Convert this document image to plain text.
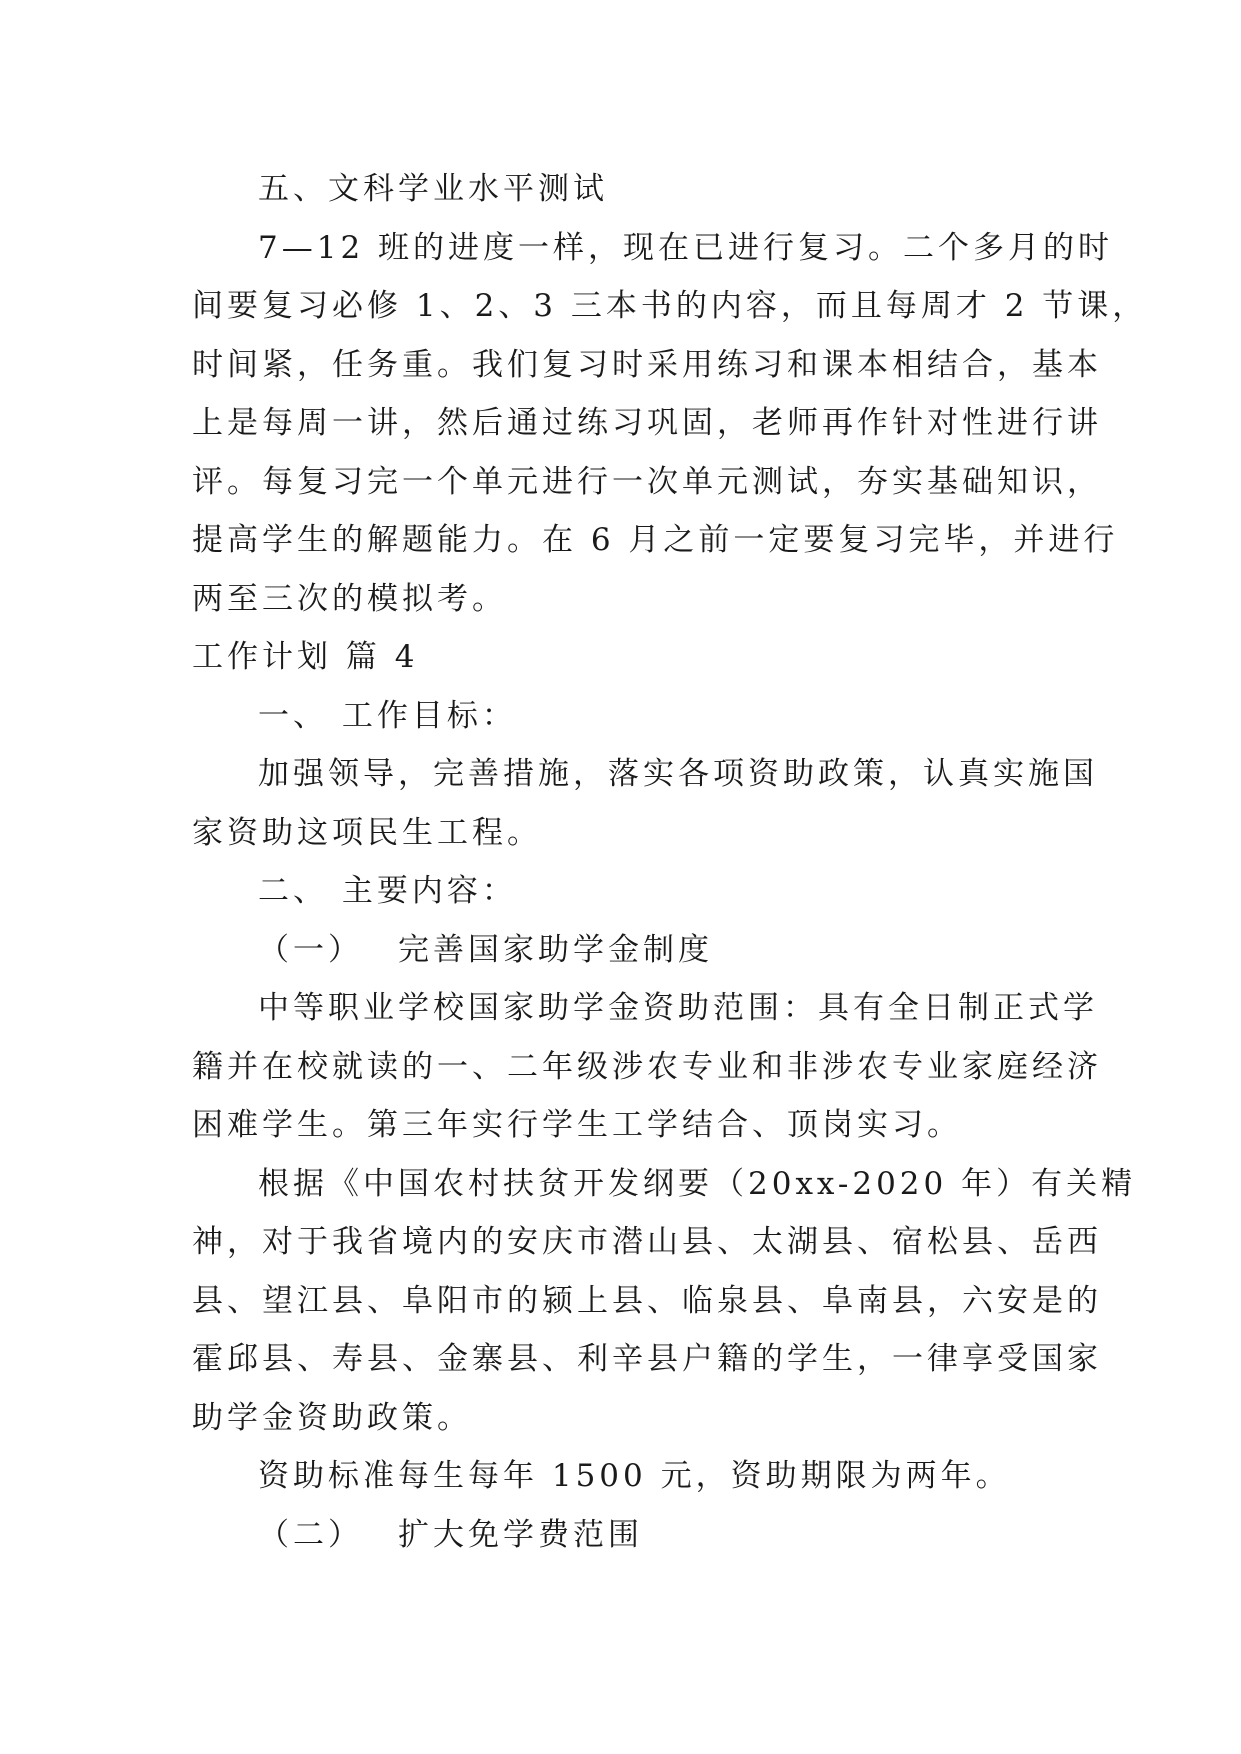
五、文科学业水平测试
7—12 班的进度一样，现在已进行复习。二个多月的时
间要复习必修 1、2、3 三本书的内容，而且每周才 2 节课，
时间紧，任务重。我们复习时采用练习和课本相结合，基本
上是每周一讲，然后通过练习巩固，老师再作针对性进行讲
评。每复习完一个单元进行一次单元测试，夯实基础知识，
提高学生的解题能力。在 6 月之前一定要复习完毕，并进行
两至三次的模拟考。
工作计划 篇 4
一、 工作目标：
加强领导，完善措施，落实各项资助政策，认真实施国
家资助这项民生工程。
二、 主要内容：
（一） 完善国家助学金制度
中等职业学校国家助学金资助范围：具有全日制正式学
籍并在校就读的一、二年级涉农专业和非涉农专业家庭经济
困难学生。第三年实行学生工学结合、顶岗实习。
根据《中国农村扶贫开发纲要（20xx-2020 年）有关精
神，对于我省境内的安庆市潜山县、太湖县、宿松县、岳西
县、望江县、阜阳市的颍上县、临泉县、阜南县，六安是的
霍邱县、寿县、金寨县、利辛县户籍的学生，一律享受国家
助学金资助政策。
资助标准每生每年 1500 元，资助期限为两年。
（二） 扩大免学费范围
